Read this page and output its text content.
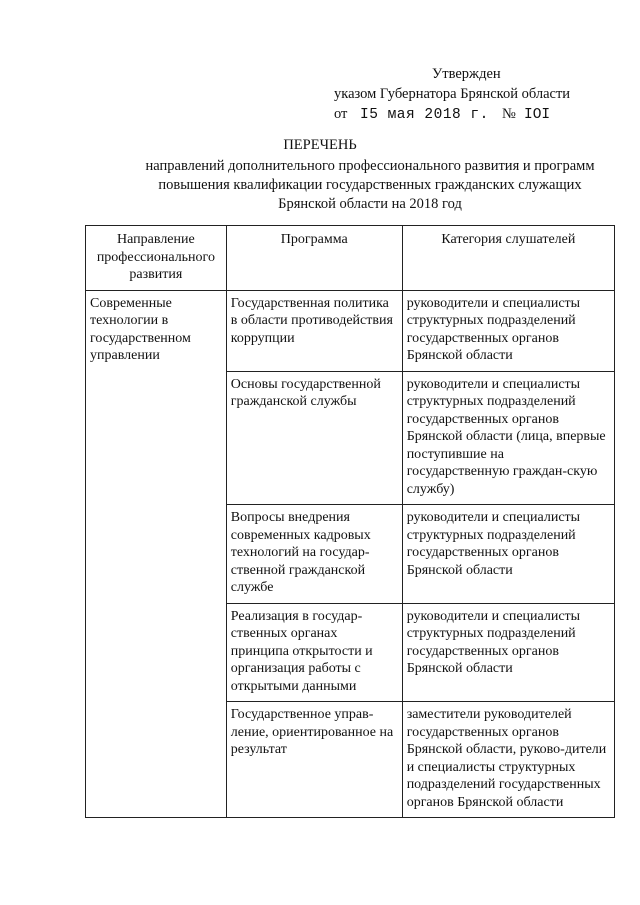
Утвержден
указом Губернатора Брянской области
от I5 мая 2018 г. № IOI
ПЕРЕЧЕНЬ
направлений дополнительного профессионального развития и программ
повышения квалификации государственных гражданских служащих
Брянской области на 2018 год
Направление профессионального развития	Программа	Категория слушателей
Современные технологии в государственном управлении	Государственная политика в области противодействия коррупции	руководители и специалисты структурных подразделений государственных органов Брянской области
	Основы государственной гражданской службы	руководители и специалисты структурных подразделений государственных органов Брянской области (лица, впервые поступившие на государственную граждан-скую службу)
	Вопросы внедрения современных кадровых технологий на государ-ственной гражданской службе	руководители и специалисты структурных подразделений государственных органов Брянской области
	Реализация в государ-ственных органах принципа открытости и организация работы с открытыми данными	руководители и специалисты структурных подразделений государственных органов Брянской области
	Государственное управ-ление, ориентированное на результат	заместители руководителей государственных органов Брянской области, руково-дители и специалисты структурных подразделений государственных органов Брянской области
